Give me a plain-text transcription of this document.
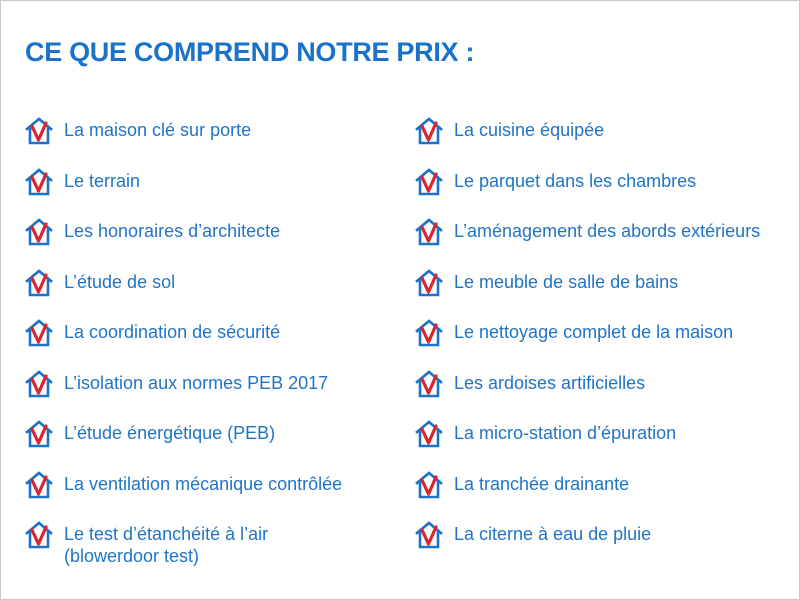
CE QUE COMPREND NOTRE PRIX :
La maison clé sur porte
Le terrain
Les honoraires d’architecte
L’étude de sol
La coordination de sécurité
L’isolation aux normes PEB 2017
L’étude énergétique (PEB)
La ventilation mécanique contrôlée
Le test d’étanchéité à l’air
(blowerdoor test)
La cuisine équipée
Le parquet dans les chambres
L’aménagement des abords extérieurs
Le meuble de salle de bains
Le nettoyage complet de la maison
Les ardoises artificielles
La micro-station d’épuration
La tranchée drainante
La citerne à eau de pluie
